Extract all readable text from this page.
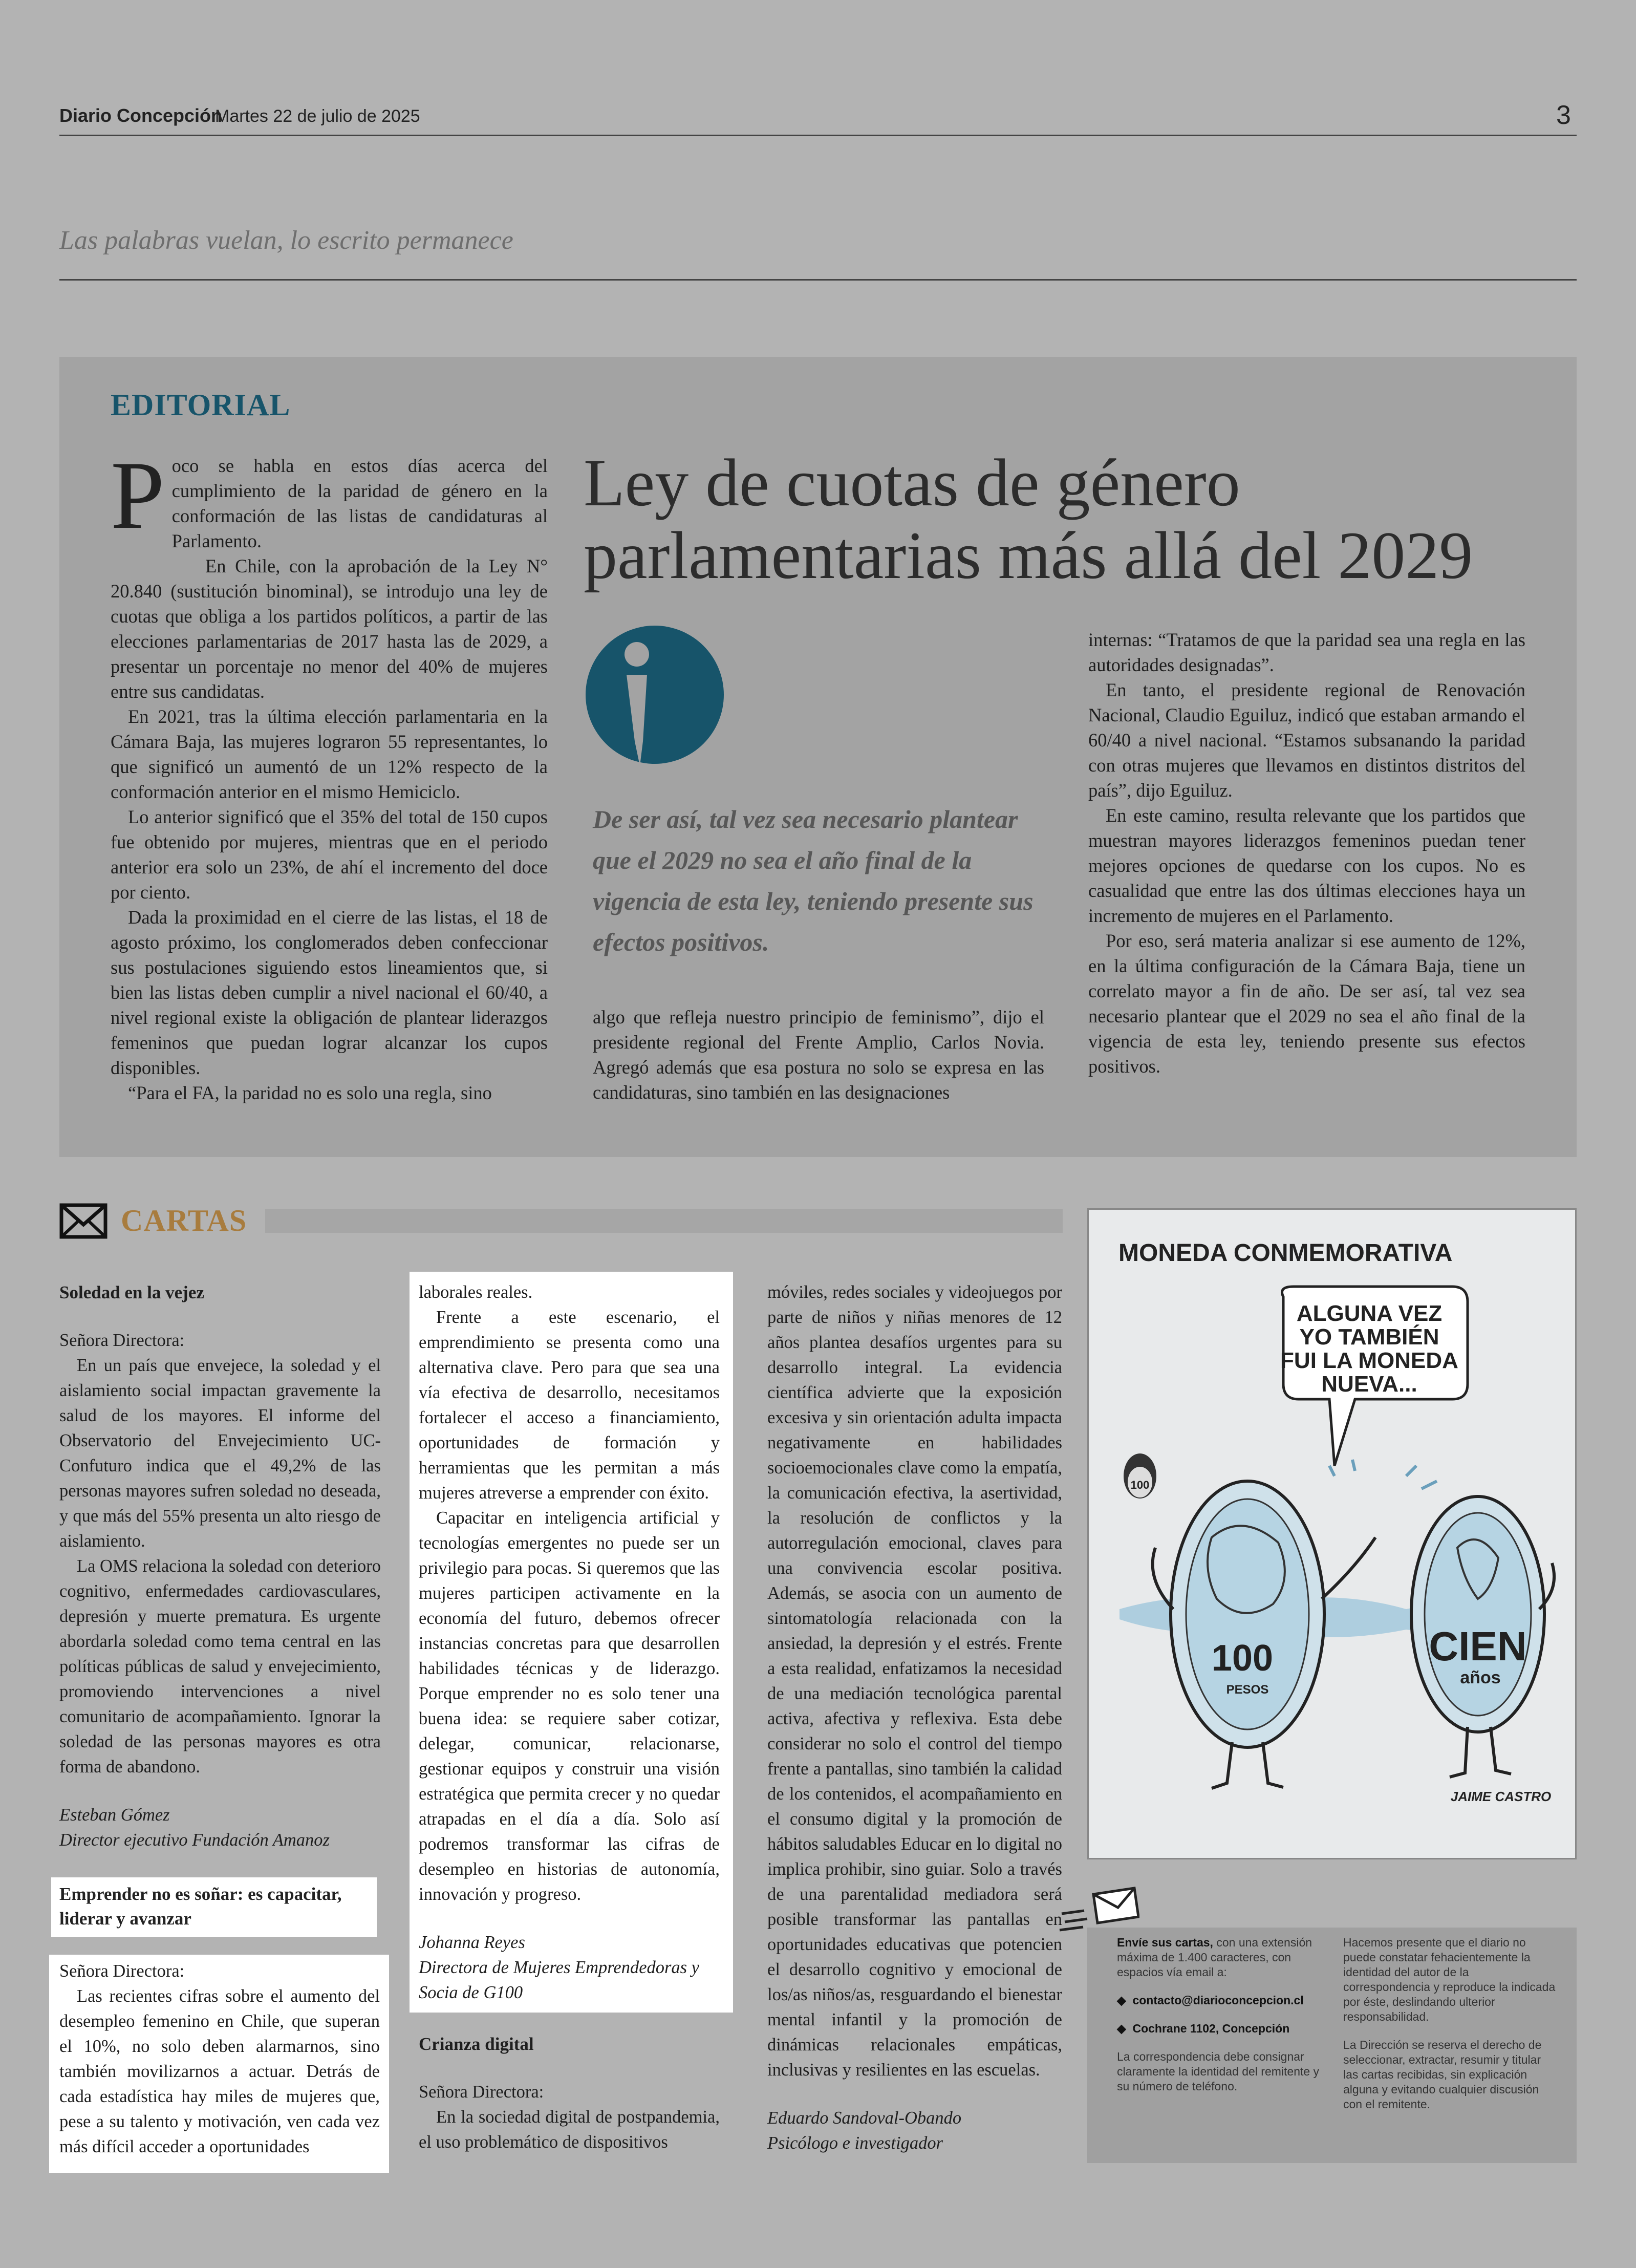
Diario Concepción
Martes 22 de julio de 2025	3
Las palabras vuelan, lo escrito permanece
EDITORIAL
Ley de cuotas de género parlamentarias más allá del 2029

Poco se habla en estos días acerca del cumplimiento de la paridad de género en la conformación de las listas de candidaturas al Parlamento.

En Chile, con la aprobación de la Ley N° 20.840 (sustitución binominal), se introdujo una ley de cuotas que obliga a los partidos políticos, a partir de las elecciones parlamentarias de 2017 hasta las de 2029, a presentar un porcentaje no menor del 40% de mujeres entre sus candidatas.

En 2021, tras la última elección parlamentaria en la Cámara Baja, las mujeres lograron 55 representantes, lo que significó un aumentó de un 12% respecto de la conformación anterior en el mismo Hemiciclo.

Lo anterior significó que el 35% del total de 150 cupos fue obtenido por mujeres, mientras que en el periodo anterior era solo un 23%, de ahí el incremento del doce por ciento.

Dada la proximidad en el cierre de las listas, el 18 de agosto próximo, los conglomerados deben confeccionar sus postulaciones siguiendo estos lineamientos que, si bien las listas deben cumplir a nivel nacional el 60/40, a nivel regional existe la obligación de plantear liderazgos femeninos que puedan lograr alcanzar los cupos disponibles.

“Para el FA, la paridad no es solo una regla, sino

De ser así, tal vez sea necesario plantear que el 2029 no sea el año final de la vigencia de esta ley, teniendo presente sus efectos positivos.

algo que refleja nuestro principio de feminismo”, dijo el presidente regional del Frente Amplio, Carlos Novia. Agregó además que esa postura no solo se expresa en las candidaturas, sino también en las designaciones

internas: “Tratamos de que la paridad sea una regla en las autoridades designadas”.

En tanto, el presidente regional de Renovación Nacional, Claudio Eguiluz, indicó que estaban armando el 60/40 a nivel nacional. “Estamos subsanando la paridad con otras mujeres que llevamos en distintos distritos del país”, dijo Eguiluz.

En este camino, resulta relevante que los partidos que muestran mayores liderazgos femeninos puedan tener mejores opciones de quedarse con los cupos. No es casualidad que entre las dos últimas elecciones haya un incremento de mujeres en el Parlamento.

Por eso, será materia analizar si ese aumento de 12%, en la última configuración de la Cámara Baja, tiene un correlato mayor a fin de año. De ser así, tal vez sea necesario plantear que el 2029 no sea el año final de la vigencia de esta ley, teniendo presente sus efectos positivos.

CARTAS
Soledad en la vejez

Señora Directora:

En un país que envejece, la soledad y el aislamiento social impactan gravemente la salud de los mayores. El informe del Observatorio del Envejecimiento UC-Confuturo indica que el 49,2% de las personas mayores sufren soledad no deseada, y que más del 55% presenta un alto riesgo de aislamiento.

La OMS relaciona la soledad con deterioro cognitivo, enfermedades cardiovasculares, depresión y muerte prematura. Es urgente abordarla soledad como tema central en las políticas públicas de salud y envejecimiento, promoviendo intervenciones a nivel comunitario de acompañamiento. Ignorar la soledad de las personas mayores es otra forma de abandono.

Esteban Gómez

Director ejecutivo Fundación Amanoz

Emprender no es soñar: es capacitar, liderar y avanzar

Señora Directora:

Las recientes cifras sobre el aumento del desempleo femenino en Chile, que superan el 10%, no solo deben alarmarnos, sino también movilizarnos a actuar. Detrás de cada estadística hay miles de mujeres que, pese a su talento y motivación, ven cada vez más difícil acceder a oportunidades

laborales reales.

Frente a este escenario, el emprendimiento se presenta como una alternativa clave. Pero para que sea una vía efectiva de desarrollo, necesitamos fortalecer el acceso a financiamiento, oportunidades de formación y herramientas que les permitan a más mujeres atreverse a emprender con éxito.

Capacitar en inteligencia artificial y tecnologías emergentes no puede ser un privilegio para pocas. Si queremos que las mujeres participen activamente en la economía del futuro, debemos ofrecer instancias concretas para que desarrollen habilidades técnicas y de liderazgo. Porque emprender no es solo tener una buena idea: se requiere saber cotizar, delegar, comunicar, relacionarse, gestionar equipos y construir una visión estratégica que permita crecer y no quedar atrapadas en el día a día. Solo así podremos transformar las cifras de desempleo en historias de autonomía, innovación y progreso.

Johanna Reyes

Directora de Mujeres Emprendedoras y Socia de G100

Crianza digital

Señora Directora:

En la sociedad digital de postpandemia, el uso problemático de dispositivos

móviles, redes sociales y videojuegos por parte de niños y niñas menores de 12 años plantea desafíos urgentes para su desarrollo integral. La evidencia científica advierte que la exposición excesiva y sin orientación adulta impacta negativamente en habilidades socioemocionales clave como la empatía, la comunicación efectiva, la asertividad, la resolución de conflictos y la autorregulación emocional, claves para una convivencia escolar positiva. Además, se asocia con un aumento de sintomatología relacionada con la ansiedad, la depresión y el estrés. Frente a esta realidad, enfatizamos la necesidad de una mediación tecnológica parental activa, afectiva y reflexiva. Esta debe considerar no solo el control del tiempo frente a pantallas, sino también la calidad de los contenidos, el acompañamiento en el consumo digital y la promoción de hábitos saludables Educar en lo digital no implica prohibir, sino guiar. Solo a través de una parentalidad mediadora será posible transformar las pantallas en oportunidades educativas que potencien el desarrollo cognitivo y emocional de los/as niños/as, resguardando el bienestar mental infantil y la promoción de dinámicas relacionales empáticas, inclusivas y resilientes en las escuelas.

Eduardo Sandoval-Obando

Psicólogo e investigador

MONEDA CONMEMORATIVA
100
PESOS
CIEN
años
100
JAIME CASTRO
ALGUNA VEZ YO TAMBIÉN FUI LA MONEDA NUEVA...
Envíe sus cartas, con una extensión máxima de 1.400 caracteres, con espacios vía email a:
◆  contacto@diarioconcepcion.cl
◆  Cochrane 1102, Concepción
La correspondencia debe consignar claramente la identidad del remitente y su número de teléfono.
Hacemos presente que el diario no puede constatar fehacientemente la identidad del autor de la correspondencia y reproduce la indicada por éste, deslindando ulterior responsabilidad.
La Dirección se reserva el derecho de seleccionar, extractar, resumir y titular las cartas recibidas, sin explicación alguna y evitando cualquier discusión con el remitente.
